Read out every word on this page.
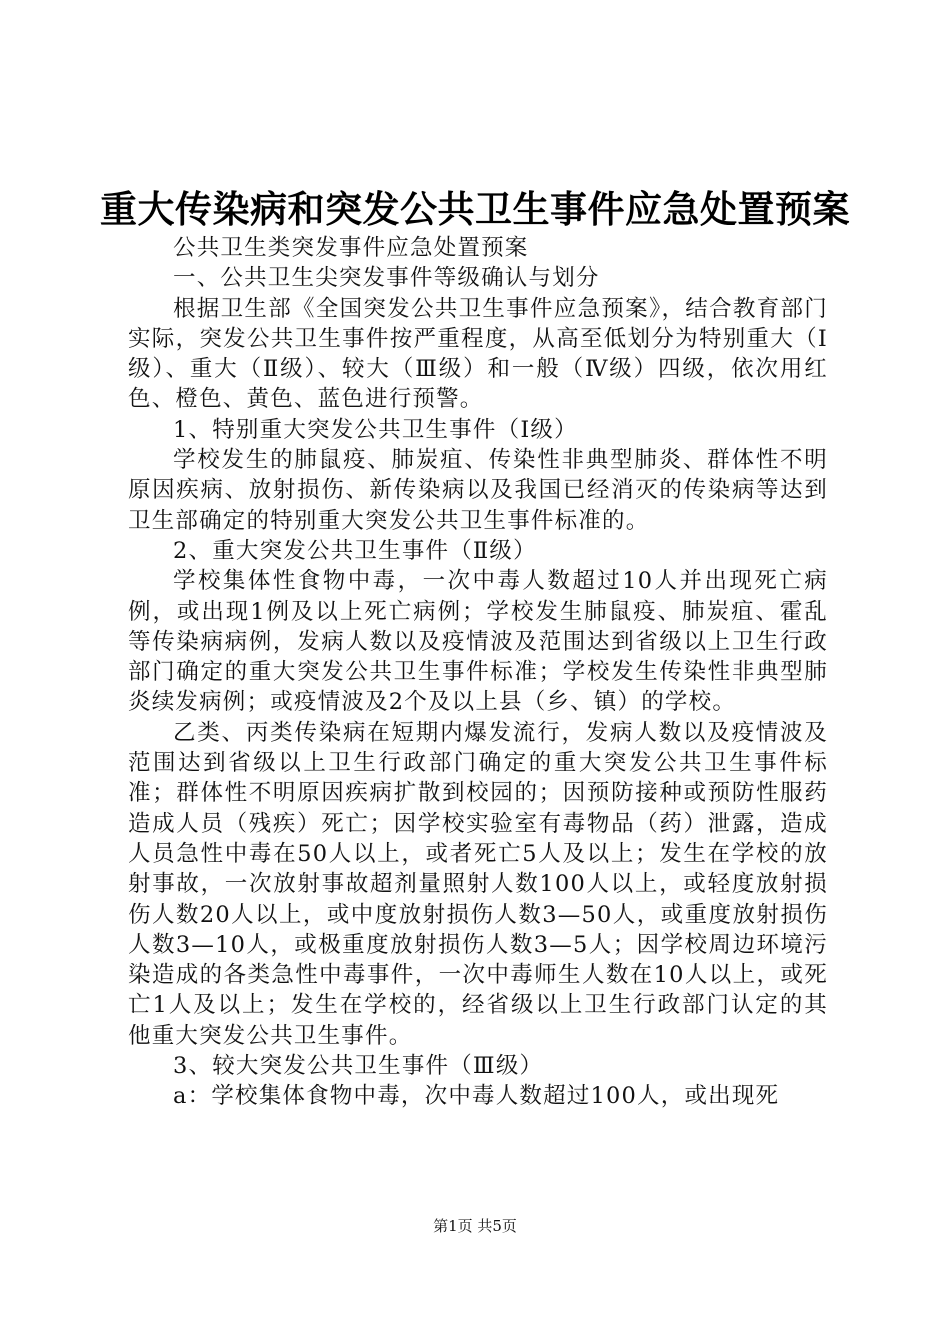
重大传染病和突发公共卫生事件应急处置预案

公共卫生类突发事件应急处置预案

一、公共卫生尖突发事件等级确认与划分

根据卫生部《全国突发公共卫生事件应急预案》，结合教育部门实际，突发公共卫生事件按严重程度，从高至低划分为特别重大（Ⅰ级）、重大（Ⅱ级）、较大（Ⅲ级）和一般（Ⅳ级）四级，依次用红色、橙色、黄色、蓝色进行预警。

1、特别重大突发公共卫生事件（Ⅰ级）

学校发生的肺鼠疫、肺炭疽、传染性非典型肺炎、群体性不明原因疾病、放射损伤、新传染病以及我国已经消灭的传染病等达到卫生部确定的特别重大突发公共卫生事件标准的。

2、重大突发公共卫生事件（Ⅱ级）

学校集体性食物中毒，一次中毒人数超过10人并出现死亡病例，或出现1例及以上死亡病例；学校发生肺鼠疫、肺炭疽、霍乱等传染病病例，发病人数以及疫情波及范围达到省级以上卫生行政部门确定的重大突发公共卫生事件标准；学校发生传染性非典型肺炎续发病例；或疫情波及2个及以上县（乡、镇）的学校。

乙类、丙类传染病在短期内爆发流行，发病人数以及疫情波及范围达到省级以上卫生行政部门确定的重大突发公共卫生事件标准；群体性不明原因疾病扩散到校园的；因预防接种或预防性服药造成人员（残疾）死亡；因学校实验室有毒物品（药）泄露，造成人员急性中毒在50人以上，或者死亡5人及以上；发生在学校的放射事故，一次放射事故超剂量照射人数100人以上，或轻度放射损伤人数20人以上，或中度放射损伤人数3—50人，或重度放射损伤人数3—10人，或极重度放射损伤人数3—5人；因学校周边环境污染造成的各类急性中毒事件，一次中毒师生人数在10人以上，或死亡1人及以上；发生在学校的，经省级以上卫生行政部门认定的其他重大突发公共卫生事件。

3、较大突发公共卫生事件（Ⅲ级）

a：学校集体食物中毒，次中毒人数超过100人，或出现死

第1页 共5页
